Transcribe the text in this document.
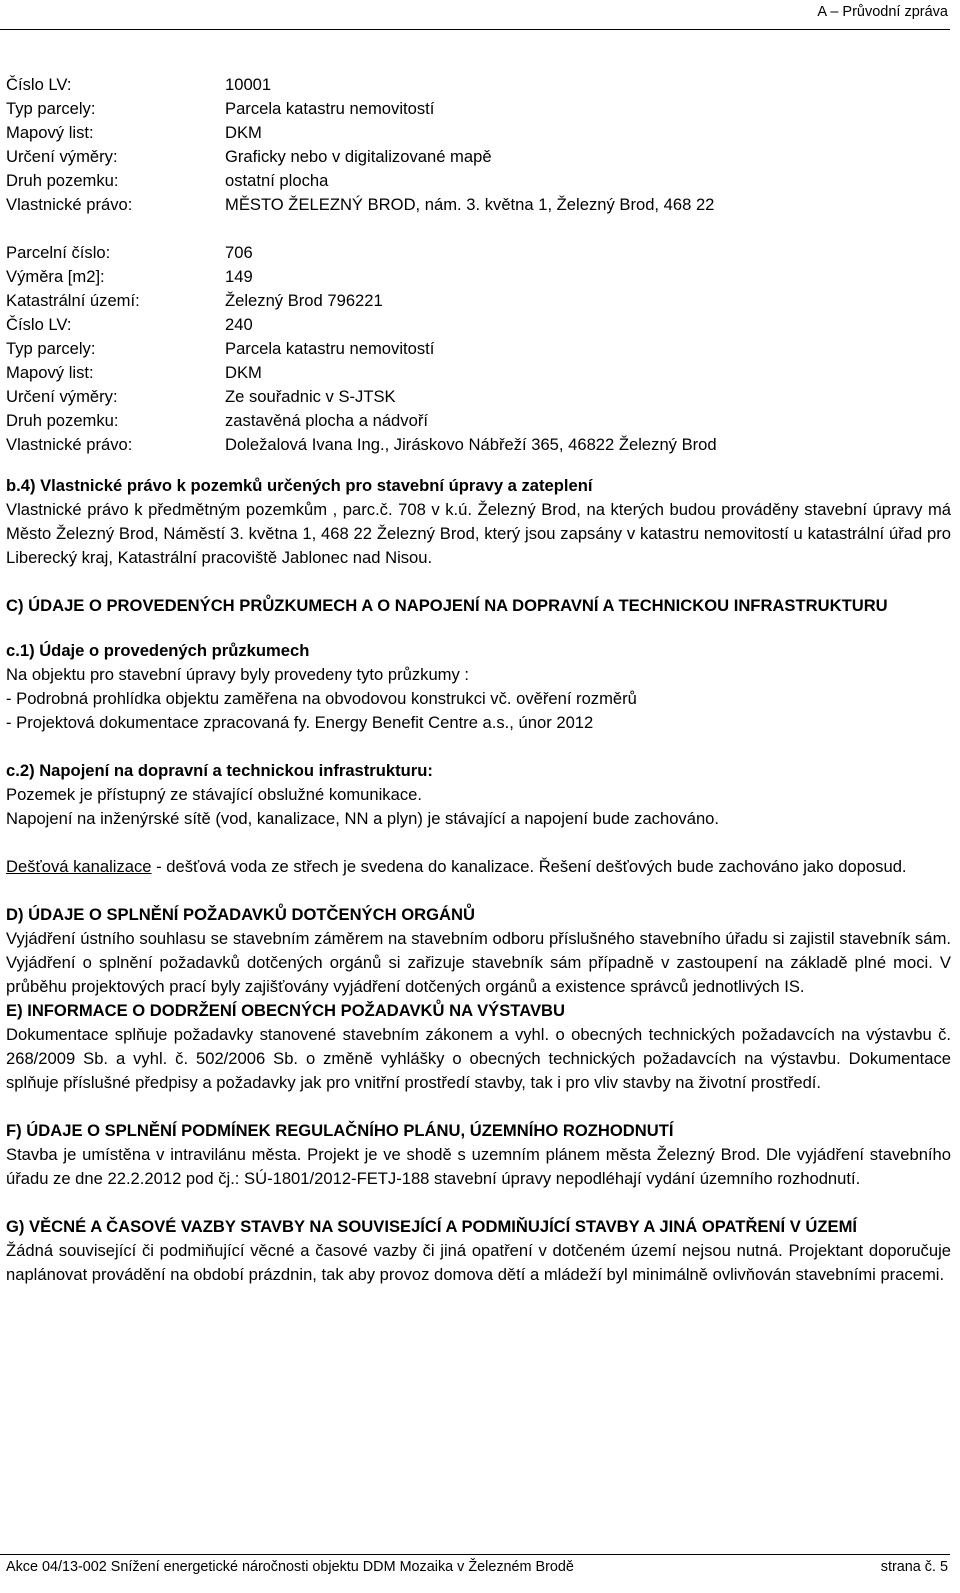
A – Průvodní zpráva
Číslo LV:	10001
Typ parcely:	Parcela katastru nemovitostí
Mapový list:	DKM
Určení výměry:	Graficky nebo v digitalizované mapě
Druh pozemku:	ostatní plocha
Vlastnické právo:	MĚSTO ŽELEZNÝ BROD, nám. 3. května 1, Železný Brod, 468 22
Parcelní číslo:	706
Výměra [m2]:	149
Katastrální území:	Železný Brod 796221
Číslo LV:	240
Typ parcely:	Parcela katastru nemovitostí
Mapový list:	DKM
Určení výměry:	Ze souřadnic v S-JTSK
Druh pozemku:	zastavěná plocha a nádvoří
Vlastnické právo:	Doležalová Ivana Ing., Jiráskovo Nábřeží 365, 46822 Železný Brod
b.4) Vlastnické právo k pozemků určených pro stavební úpravy a zateplení
Vlastnické právo k předmětným pozemkům , parc.č. 708 v k.ú. Železný Brod, na kterých budou prováděny stavební úpravy má Město Železný Brod, Náměstí 3. května 1, 468 22 Železný Brod, který jsou zapsány v katastru nemovitostí u katastrální úřad pro Liberecký kraj, Katastrální pracoviště Jablonec nad Nisou.
C) ÚDAJE O PROVEDENÝCH PRŮZKUMECH A O NAPOJENÍ NA DOPRAVNÍ A TECHNICKOU INFRASTRUKTURU
c.1) Údaje o provedených průzkumech
Na objektu pro stavební úpravy byly provedeny tyto průzkumy :
- Podrobná prohlídka objektu zaměřena na obvodovou konstrukci vč. ověření rozměrů
- Projektová dokumentace zpracovaná fy. Energy Benefit Centre a.s., únor 2012
c.2) Napojení na dopravní a technickou infrastrukturu:
Pozemek je přístupný ze stávající obslužné komunikace.
Napojení na inženýrské sítě (vod, kanalizace, NN a plyn) je stávající a napojení bude zachováno.
Dešťová kanalizace - dešťová voda ze střech je svedena do kanalizace. Řešení dešťových bude zachováno jako doposud.
D) ÚDAJE O SPLNĚNÍ POŽADAVKŮ DOTČENÝCH ORGÁNŮ
Vyjádření ústního souhlasu se stavebním záměrem na stavebním odboru příslušného stavebního úřadu si zajistil stavebník sám. Vyjádření o splnění požadavků dotčených orgánů si zařizuje stavebník sám případně v zastoupení na základě plné moci. V průběhu projektových prací byly zajišťovány vyjádření dotčených orgánů a existence správců jednotlivých IS.
E) INFORMACE O DODRŽENÍ OBECNÝCH POŽADAVKŮ NA VÝSTAVBU
Dokumentace splňuje požadavky stanovené stavebním zákonem a vyhl. o obecných technických požadavcích na výstavbu č. 268/2009 Sb. a vyhl. č. 502/2006 Sb. o změně vyhlášky o obecných technických požadavcích na výstavbu. Dokumentace splňuje příslušné předpisy a požadavky jak pro vnitřní prostředí stavby, tak i pro vliv stavby na životní prostředí.
F) ÚDAJE O SPLNĚNÍ PODMÍNEK REGULAČNÍHO PLÁNU, ÚZEMNÍHO ROZHODNUTÍ
Stavba je umístěna v intravilánu města. Projekt je ve shodě s uzemním plánem města Železný Brod. Dle vyjádření stavebního úřadu ze dne 22.2.2012 pod čj.: SÚ-1801/2012-FETJ-188 stavební úpravy nepodléhají vydání územního rozhodnutí.
G) VĚCNÉ A ČASOVÉ VAZBY STAVBY NA SOUVISEJÍCÍ A PODMIŇUJÍCÍ STAVBY A JINÁ OPATŘENÍ V ÚZEMÍ
Žádná související či podmiňující věcné a časové vazby či jiná opatření v dotčeném území nejsou nutná. Projektant doporučuje naplánovat provádění na období prázdnin, tak aby provoz domova dětí a mládeží byl minimálně ovlivňován stavebními pracemi.
Akce 04/13-002 Snížení energetické náročnosti objektu DDM Mozaika v Železném Brodě	strana č. 5
